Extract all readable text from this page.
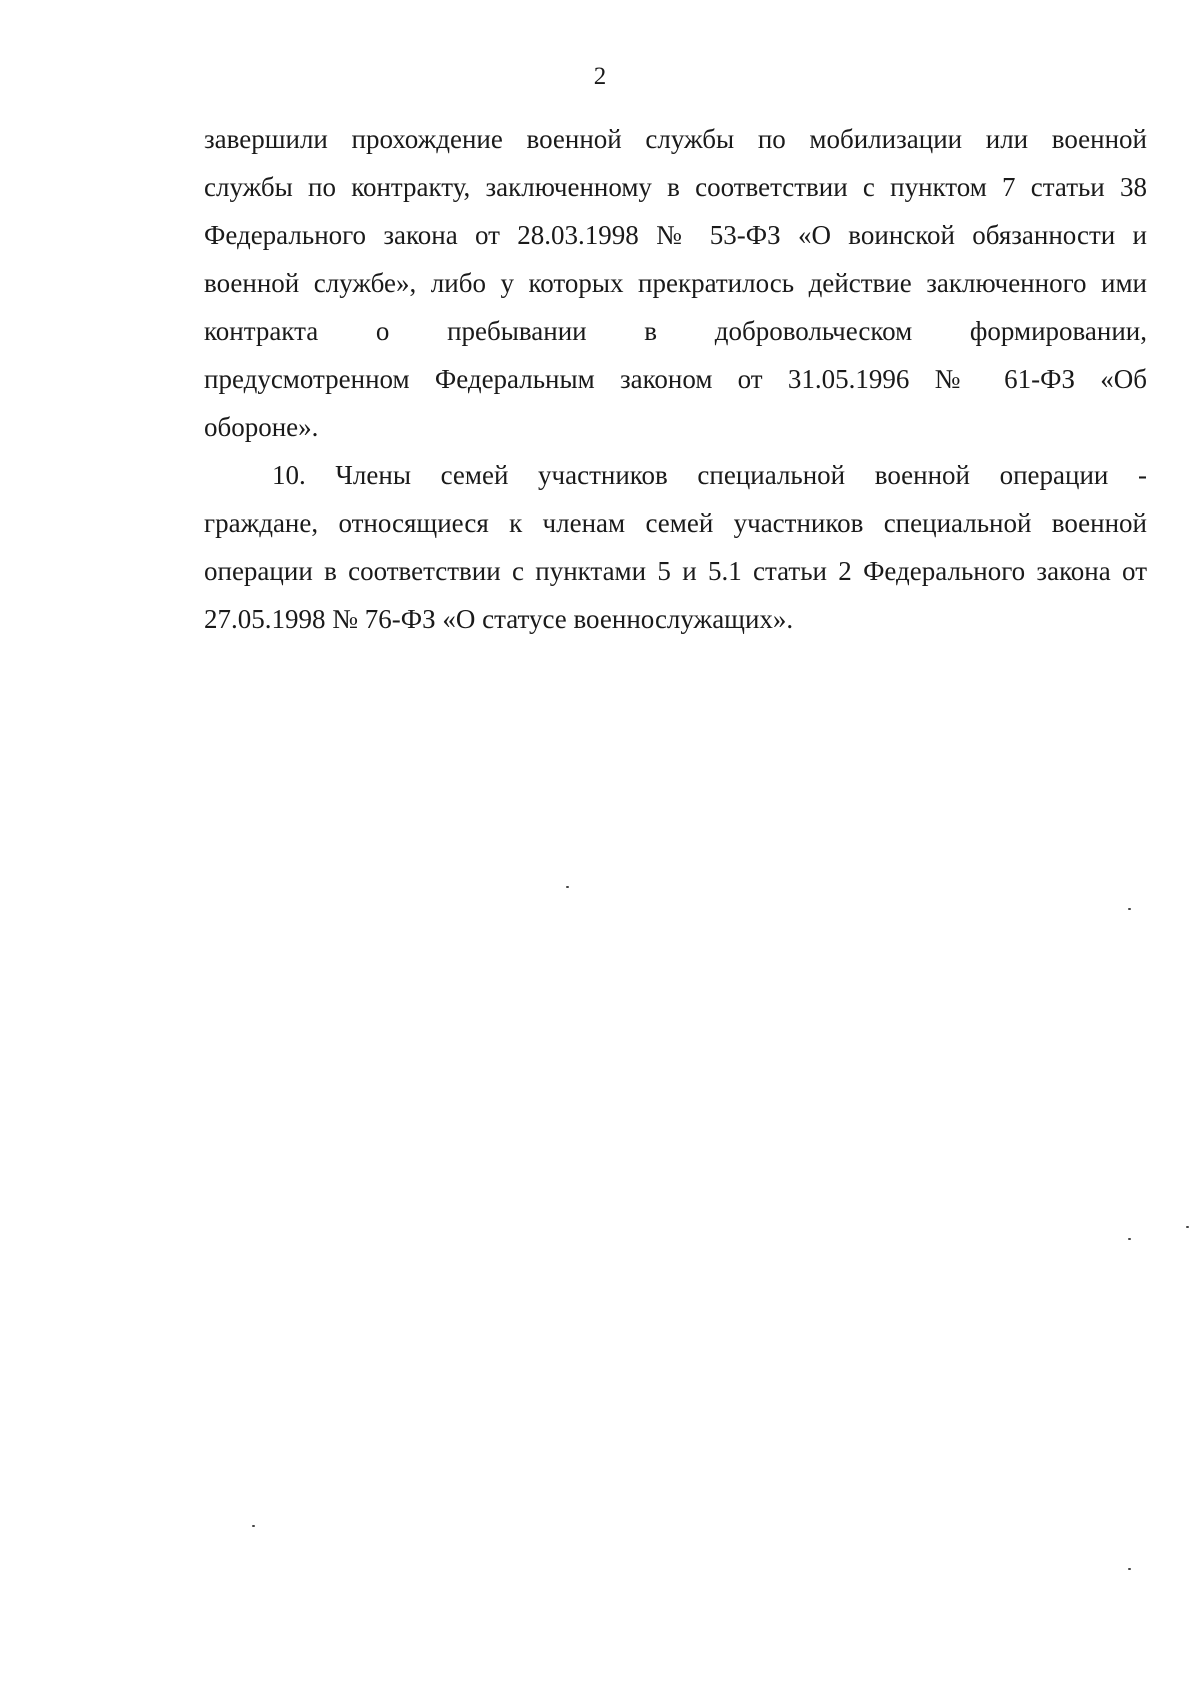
2
завершили прохождение военной службы по мобилизации или военной
службы по контракту, заключенному в соответствии с пунктом 7 статьи 38
Федерального закона от 28.03.1998 № 53-ФЗ «О воинской обязанности и
военной службе», либо у которых прекратилось действие заключенного ими
контракта о пребывании в добровольческом формировании,
предусмотренном Федеральным законом от 31.05.1996 № 61-ФЗ «Об
обороне».
10. Члены семей участников специальной военной операции -
граждане, относящиеся к членам семей участников специальной военной
операции в соответствии с пунктами 5 и 5.1 статьи 2 Федерального закона от
27.05.1998 № 76-ФЗ «О статусе военнослужащих».
